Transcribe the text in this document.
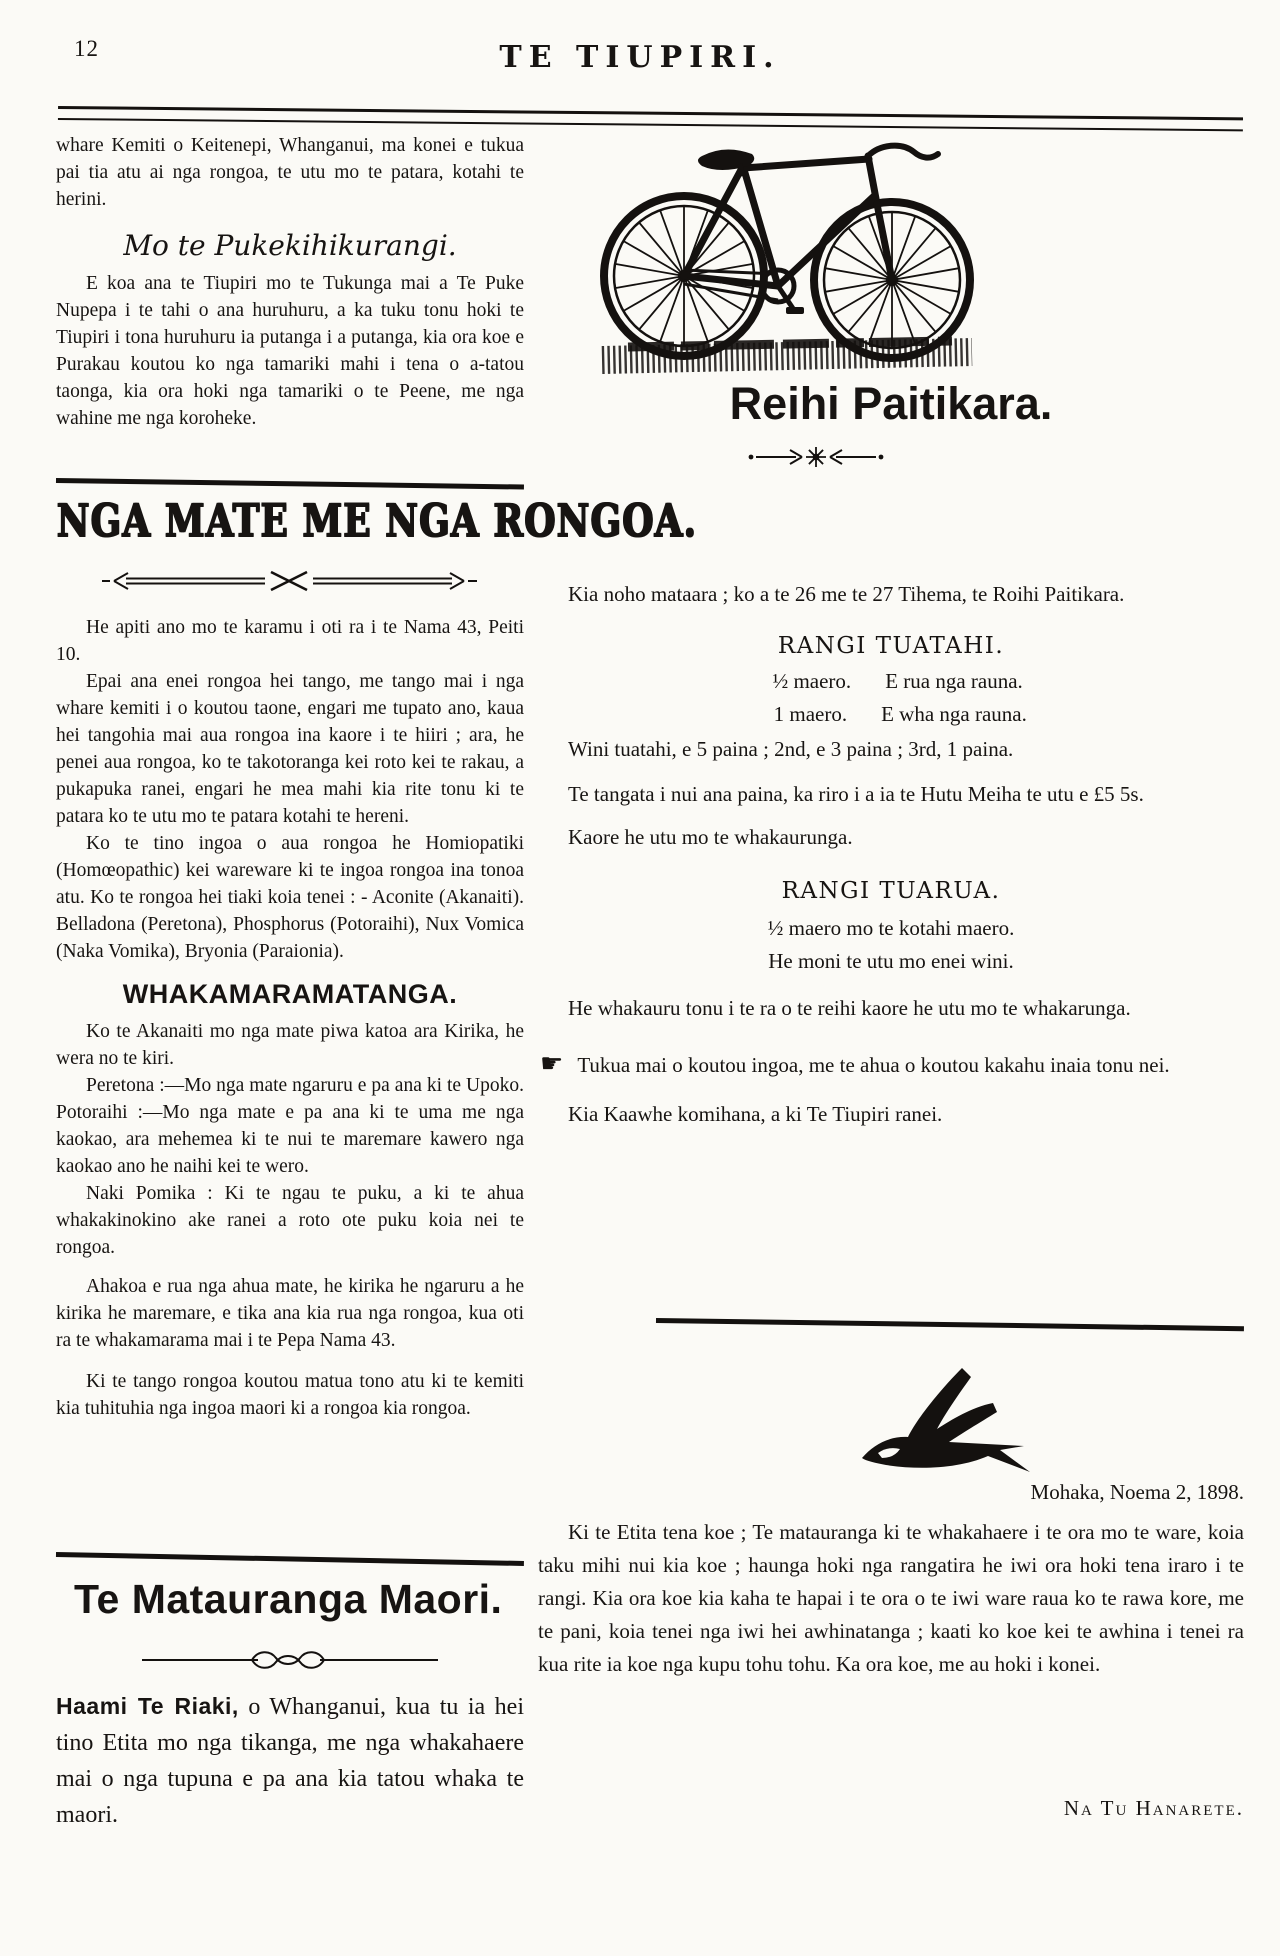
12	TE TIUPIRI.

whare Kemiti o Keitenepi, Whanganui, ma konei e tukua pai tia atu ai nga rongoa, te utu mo te patara, kotahi te herini.

Mo te Pukekihikurangi.

E koa ana te Tiupiri mo te Tukunga mai a Te Puke Nupepa i te tahi o ana huruhuru, a ka tuku tonu hoki te Tiupiri i tona huruhuru ia putanga i a putanga, kia ora koe e Purakau koutou ko nga tamariki mahi i tena o a-tatou taonga, kia ora hoki nga tamariki o te Peene, me nga wahine me nga koroheke.

NGA MATE ME NGA RONGOA.

He apiti ano mo te karamu i oti ra i te Nama 43, Peiti 10.

Epai ana enei rongoa hei tango, me tango mai i nga whare kemiti i o koutou taone, engari me tupato ano, kaua hei tangohia mai aua rongoa ina kaore i te hiiri ; ara, he penei aua rongoa, ko te takotoranga kei roto kei te rakau, a pukapuka ranei, engari he mea mahi kia rite tonu ki te patara ko te utu mo te patara kotahi te hereni.

Ko te tino ingoa o aua rongoa he Homiopatiki (Homœopathic) kei wareware ki te ingoa rongoa ina tonoa atu. Ko te rongoa hei tiaki koia tenei : - Aconite (Akanaiti). Belladona (Peretona), Phosphorus (Potoraihi), Nux Vomica (Naka Vomika), Bryonia (Paraionia).

WHAKAMARAMATANGA.

Ko te Akanaiti mo nga mate piwa katoa ara Kirika, he wera no te kiri.

Peretona :—Mo nga mate ngaruru e pa ana ki te Upoko. Potoraihi :—Mo nga mate e pa ana ki te uma me nga kaokao, ara mehemea ki te nui te maremare kawero nga kaokao ano he naihi kei te wero.

Naki Pomika : Ki te ngau te puku, a ki te ahua whakakinokino ake ranei a roto ote puku koia nei te rongoa.

Ahakoa e rua nga ahua mate, he kirika he ngaruru a he kirika he maremare, e tika ana kia rua nga rongoa, kua oti ra te whakamarama mai i te Pepa Nama 43.

Ki te tango rongoa koutou matua tono atu ki te kemiti kia tuhituhia nga ingoa maori ki a rongoa kia rongoa.

Te Matauranga Maori.

Haami Te Riaki, o Whanganui, kua tu ia hei tino Etita mo nga tikanga, me nga whakahaere mai o nga tupuna e pa ana kia tatou whaka te maori.

Reihi Paitikara.

Kia noho mataara ; ko a te 26 me te 27 Tihema, te Roihi Paitikara.

RANGI TUATAHI.
½ maero. E rua nga rauna.
1 maero. E wha nga rauna.

Wini tuatahi, e 5 paina ; 2nd, e 3 paina ; 3rd, 1 paina.

Te tangata i nui ana paina, ka riro i a ia te Hutu Meiha te utu e £5 5s.

Kaore he utu mo te whakaurunga.

RANGI TUARUA.
½ maero mo te kotahi maero.
He moni te utu mo enei wini.

He whakauru tonu i te ra o te reihi kaore he utu mo te whakarunga.

☛ Tukua mai o koutou ingoa, me te ahua o koutou kakahu inaia tonu nei.

Kia Kaawhe komihana, a ki Te Tiupiri ranei.

Mohaka, Noema 2, 1898.

Ki te Etita tena koe ; Te matauranga ki te whakahaere i te ora mo te ware, koia taku mihi nui kia koe ; haunga hoki nga rangatira he iwi ora hoki tena iraro i te rangi. Kia ora koe kia kaha te hapai i te ora o te iwi ware raua ko te rawa kore, me te pani, koia tenei nga iwi hei awhinatanga ; kaati ko koe kei te awhina i tenei ra kua rite ia koe nga kupu tohu tohu. Ka ora koe, me au hoki i konei.

Na Tu Hanarete.
